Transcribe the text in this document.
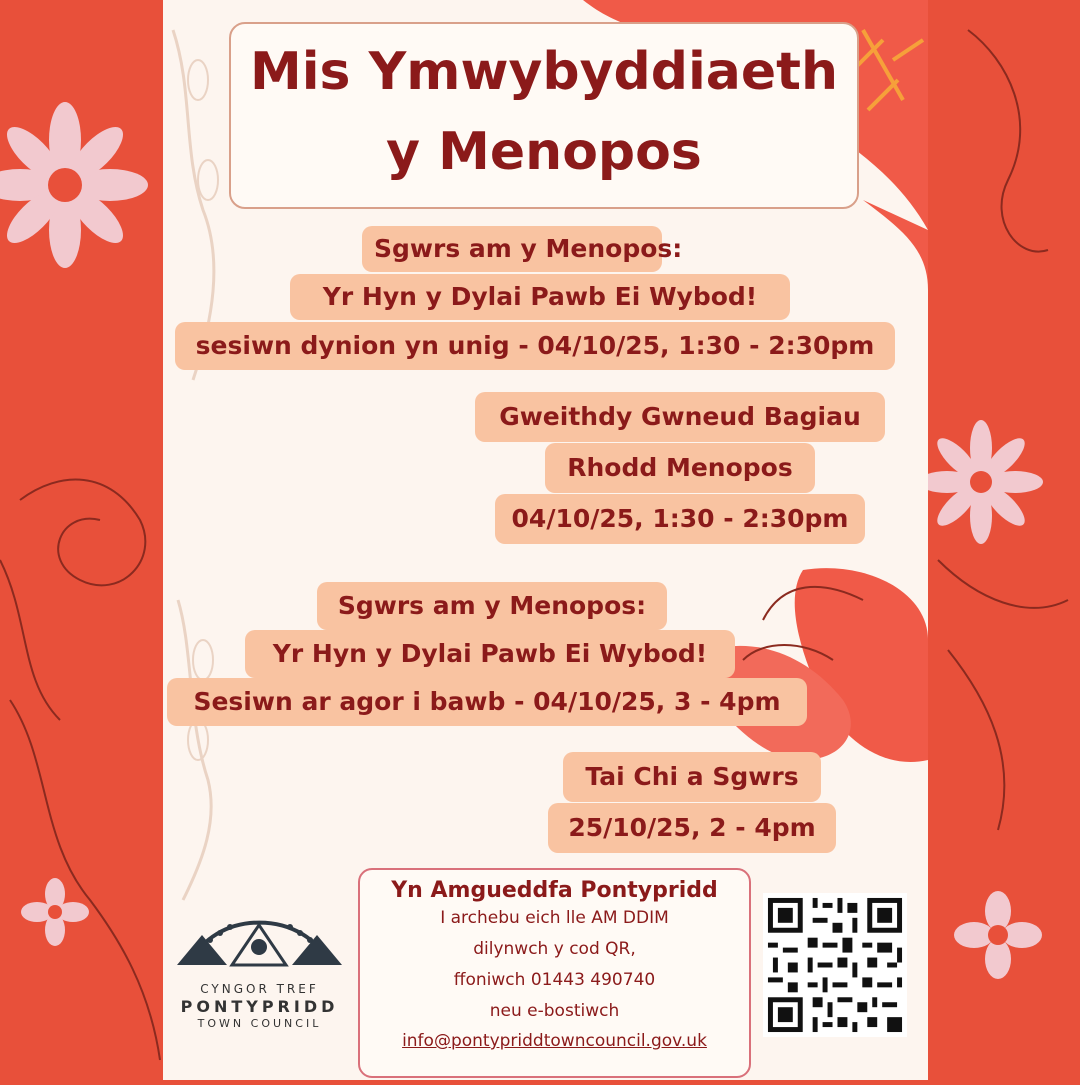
Mis Ymwybyddiaeth
y Menopos
Sgwrs am y Menopos:
Yr Hyn y Dylai Pawb Ei Wybod!
sesiwn dynion yn unig - 04/10/25, 1:30 - 2:30pm
Gweithdy Gwneud Bagiau
Rhodd Menopos
04/10/25, 1:30 - 2:30pm
Sgwrs am y Menopos:
Yr Hyn y Dylai Pawb Ei Wybod!
Sesiwn ar agor i bawb - 04/10/25, 3 - 4pm
Tai Chi a Sgwrs
25/10/25, 2 - 4pm
Yn Amgueddfa Pontypridd
I archebu eich lle AM DDIM
dilynwch y cod QR,
ffoniwch 01443 490740
neu e-bostiwch
info@pontypriddtowncouncil.gov.uk
CYNGOR TREF
PONTYPRIDD
TOWN COUNCIL
